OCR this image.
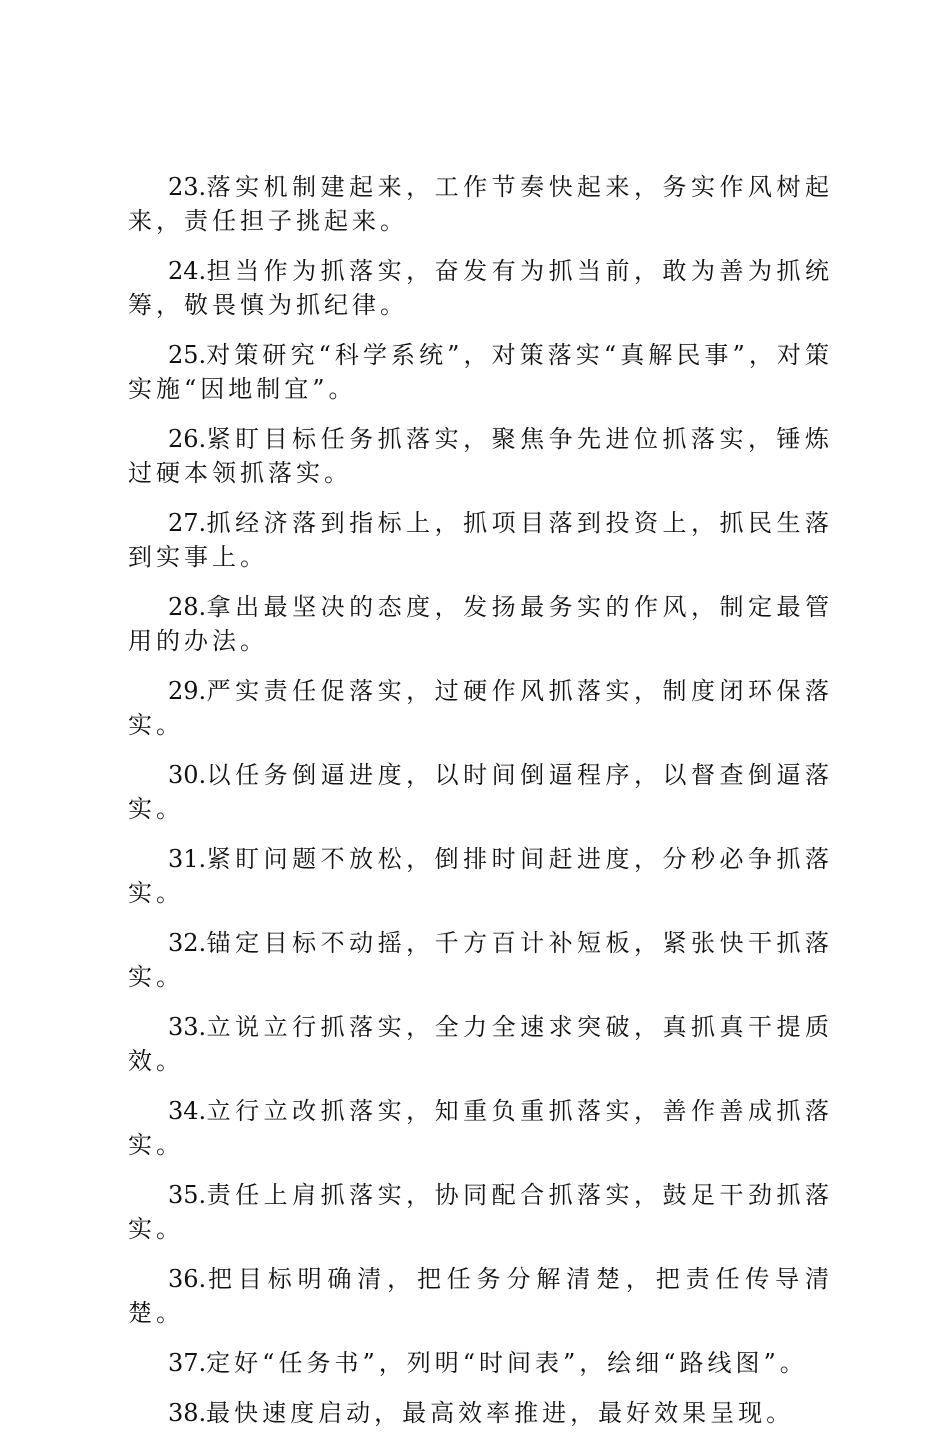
23.落实机制建起来，工作节奏快起来，务实作风树起来，责任担子挑起来。

24.担当作为抓落实，奋发有为抓当前，敢为善为抓统筹，敬畏慎为抓纪律。

25.对策研究“科学系统”，对策落实“真解民事”，对策实施“因地制宜”。

26.紧盯目标任务抓落实，聚焦争先进位抓落实，锤炼过硬本领抓落实。

27.抓经济落到指标上，抓项目落到投资上，抓民生落到实事上。

28.拿出最坚决的态度，发扬最务实的作风，制定最管用的办法。

29.严实责任促落实，过硬作风抓落实，制度闭环保落实。

30.以任务倒逼进度，以时间倒逼程序，以督查倒逼落实。

31.紧盯问题不放松，倒排时间赶进度，分秒必争抓落实。

32.锚定目标不动摇，千方百计补短板，紧张快干抓落实。

33.立说立行抓落实，全力全速求突破，真抓真干提质效。

34.立行立改抓落实，知重负重抓落实，善作善成抓落实。

35.责任上肩抓落实，协同配合抓落实，鼓足干劲抓落实。

36.把目标明确清，把任务分解清楚，把责任传导清楚。

37.定好“任务书”，列明“时间表”，绘细“路线图”。

38.最快速度启动，最高效率推进，最好效果呈现。
